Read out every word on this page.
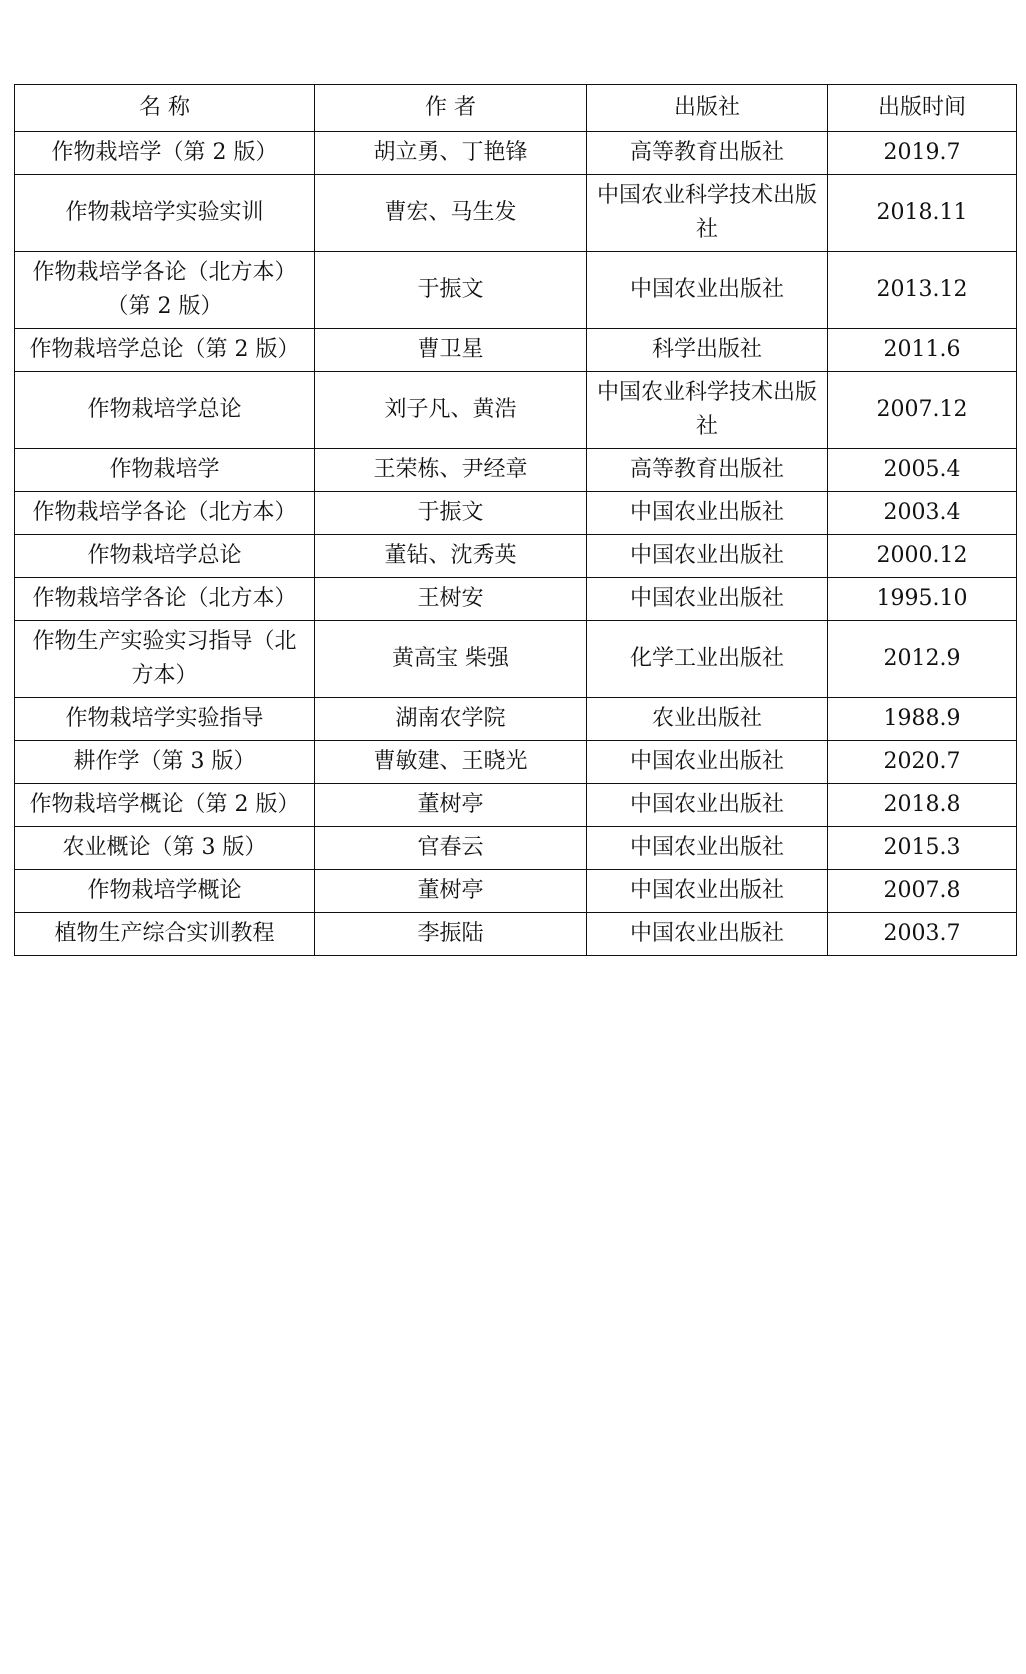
名 称	作 者	出版社	出版时间
作物栽培学（第 2 版）	胡立勇、丁艳锋	高等教育出版社	2019.7
作物栽培学实验实训	曹宏、马生发	中国农业科学技术出版社	2018.11
作物栽培学各论（北方本）（第 2 版）	于振文	中国农业出版社	2013.12
作物栽培学总论（第 2 版）	曹卫星	科学出版社	2011.6
作物栽培学总论	刘子凡、黄浩	中国农业科学技术出版社	2007.12
作物栽培学	王荣栋、尹经章	高等教育出版社	2005.4
作物栽培学各论（北方本）	于振文	中国农业出版社	2003.4
作物栽培学总论	董钻、沈秀英	中国农业出版社	2000.12
作物栽培学各论（北方本）	王树安	中国农业出版社	1995.10
作物生产实验实习指导（北方本）	黄高宝 柴强	化学工业出版社	2012.9
作物栽培学实验指导	湖南农学院	农业出版社	1988.9
耕作学（第 3 版）	曹敏建、王晓光	中国农业出版社	2020.7
作物栽培学概论（第 2 版）	董树亭	中国农业出版社	2018.8
农业概论（第 3 版）	官春云	中国农业出版社	2015.3
作物栽培学概论	董树亭	中国农业出版社	2007.8
植物生产综合实训教程	李振陆	中国农业出版社	2003.7
